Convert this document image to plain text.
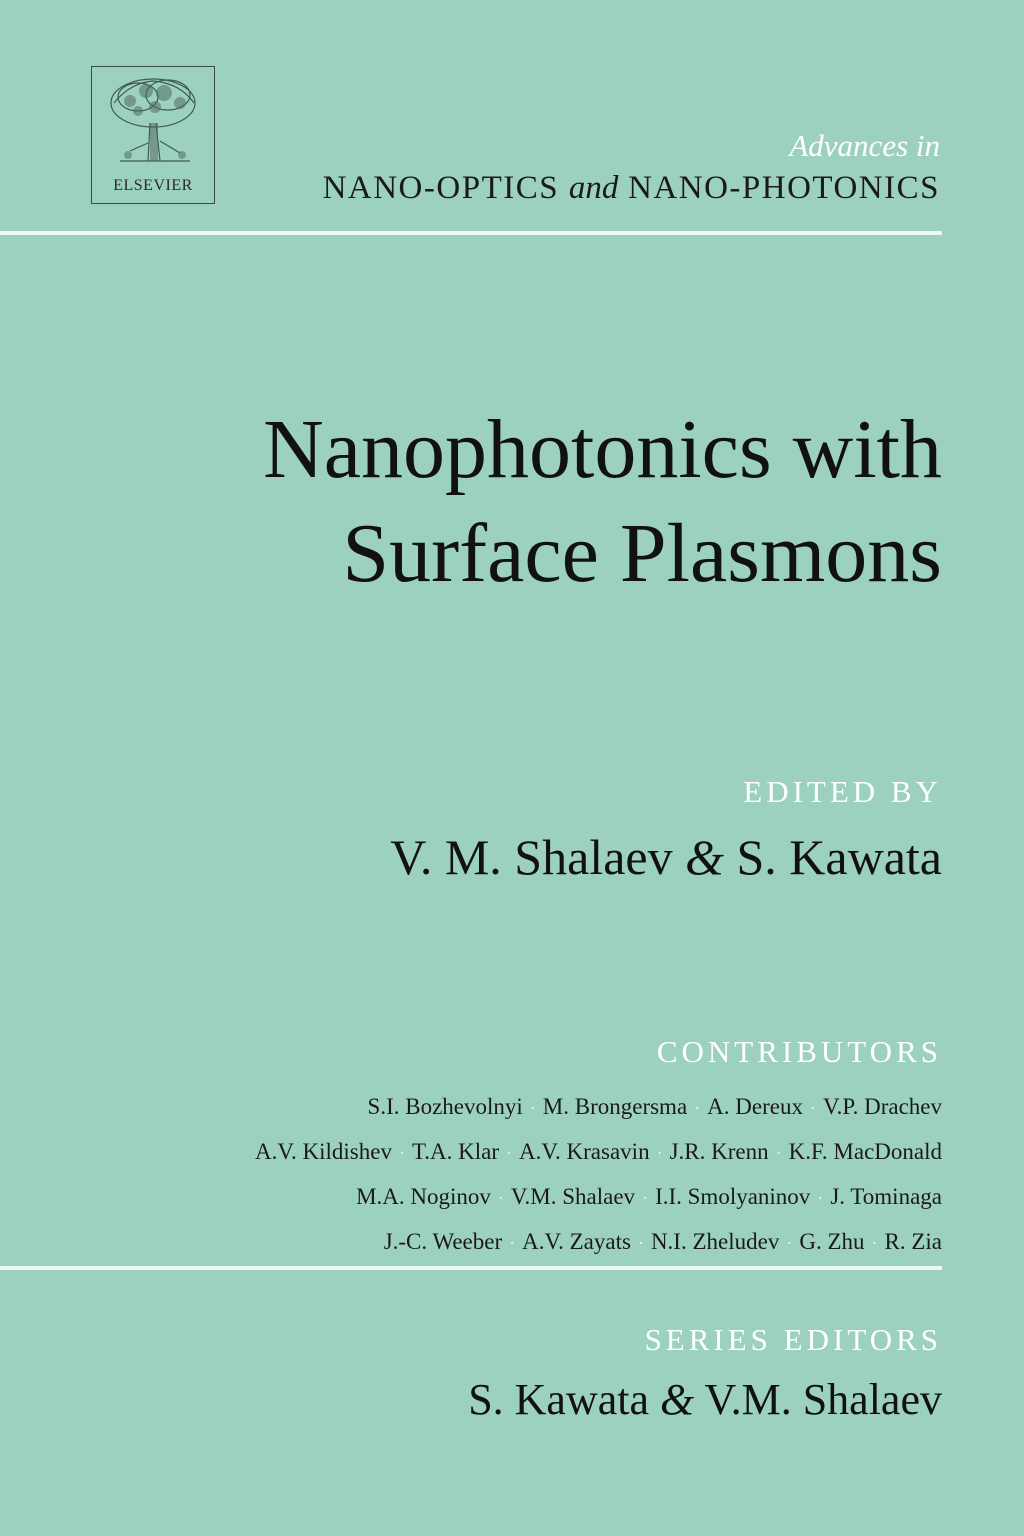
ELSEVIER
Advances in
NANO-OPTICS and NANO-PHOTONICS
Nanophotonics with
Surface Plasmons
EDITED BY
V. M. Shalaev & S. Kawata
CONTRIBUTORS
S.I. Bozhevolnyi · M. Brongersma · A. Dereux · V.P. Drachev
A.V. Kildishev · T.A. Klar · A.V. Krasavin · J.R. Krenn · K.F. MacDonald
M.A. Noginov · V.M. Shalaev · I.I. Smolyaninov · J. Tominaga
J.-C. Weeber · A.V. Zayats · N.I. Zheludev · G. Zhu · R. Zia
SERIES EDITORS
S. Kawata & V.M. Shalaev
